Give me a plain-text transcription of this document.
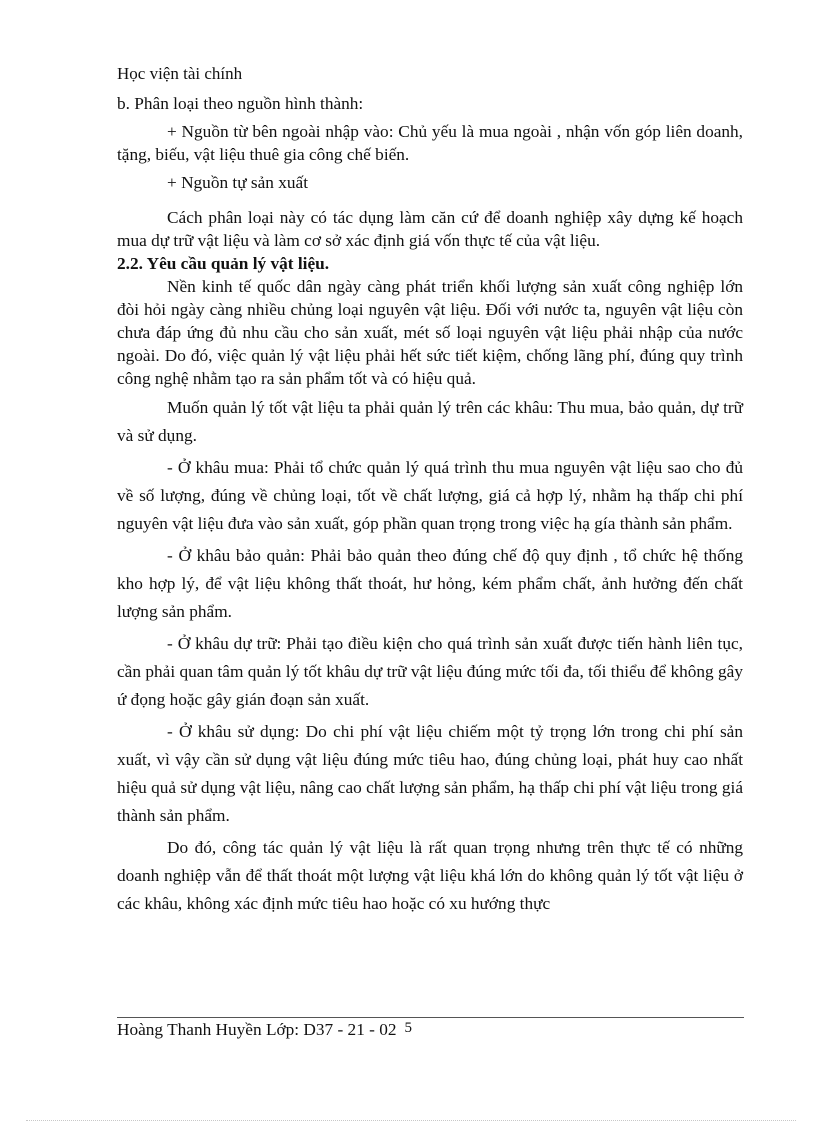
Học viện tài chính

b. Phân loại theo nguồn hình thành:

+ Nguồn từ bên ngoài nhập vào: Chủ yếu là mua ngoài , nhận vốn góp liên doanh, tặng, biếu, vật liệu thuê gia công chế biến.

+ Nguồn tự sản xuất

Cách phân loại này có tác dụng làm căn cứ để doanh nghiệp xây dựng kế hoạch mua dự trữ vật liệu và làm cơ sở xác định giá vốn thực tế của vật liệu.

2.2. Yêu cầu quản lý vật liệu.

Nền kinh tế quốc dân ngày càng phát triển khối lượng sản xuất công nghiệp lớn đòi hỏi ngày càng nhiều chủng loại nguyên vật liệu. Đối với nước ta, nguyên vật liệu còn chưa đáp ứng đủ nhu cầu cho sản xuất, mét số loại nguyên vật liệu phải nhập của nước ngoài. Do đó, việc quản lý vật liệu phải hết sức tiết kiệm, chống lãng phí, đúng quy trình công nghệ nhằm tạo ra sản phẩm tốt và có hiệu quả.

Muốn quản lý tốt vật liệu ta phải quản lý trên các khâu: Thu mua, bảo quản, dự trữ và sử dụng.

- Ở khâu mua: Phải tổ chức quản lý quá trình thu mua nguyên vật liệu sao cho đủ về số lượng, đúng về chủng loại, tốt về chất lượng, giá cả hợp lý, nhằm hạ thấp chi phí nguyên vật liệu đưa vào sản xuất, góp phần quan trọng trong việc hạ gía thành sản phẩm.

- Ở khâu bảo quản: Phải bảo quản theo đúng chế độ quy định , tổ chức hệ thống kho hợp lý, để vật liệu không thất thoát, hư hỏng, kém phẩm chất, ảnh hưởng đến chất lượng sản phẩm.

- Ở khâu dự trữ: Phải tạo điều kiện cho quá trình sản xuất được tiến hành liên tục, cần phải quan tâm quản lý tốt khâu dự trữ vật liệu đúng mức tối đa, tối thiểu để không gây ứ đọng hoặc gây gián đoạn sản xuất.

- Ở khâu sử dụng: Do chi phí vật liệu chiếm một tỷ trọng lớn trong chi phí sản xuất, vì vậy cần sử dụng vật liệu đúng mức tiêu hao, đúng chủng loại, phát huy cao nhất hiệu quả sử dụng vật liệu, nâng cao chất lượng sản phẩm, hạ thấp chi phí vật liệu trong giá thành sản phẩm.

Do đó, công tác quản lý vật liệu là rất quan trọng nhưng trên thực tế có những doanh nghiệp vẫn để thất thoát một lượng vật liệu khá lớn do không quản lý tốt vật liệu ở các khâu, không xác định mức tiêu hao hoặc có xu hướng thực

Hoàng Thanh Huyền Lớp: D37 - 21 - 02 5
